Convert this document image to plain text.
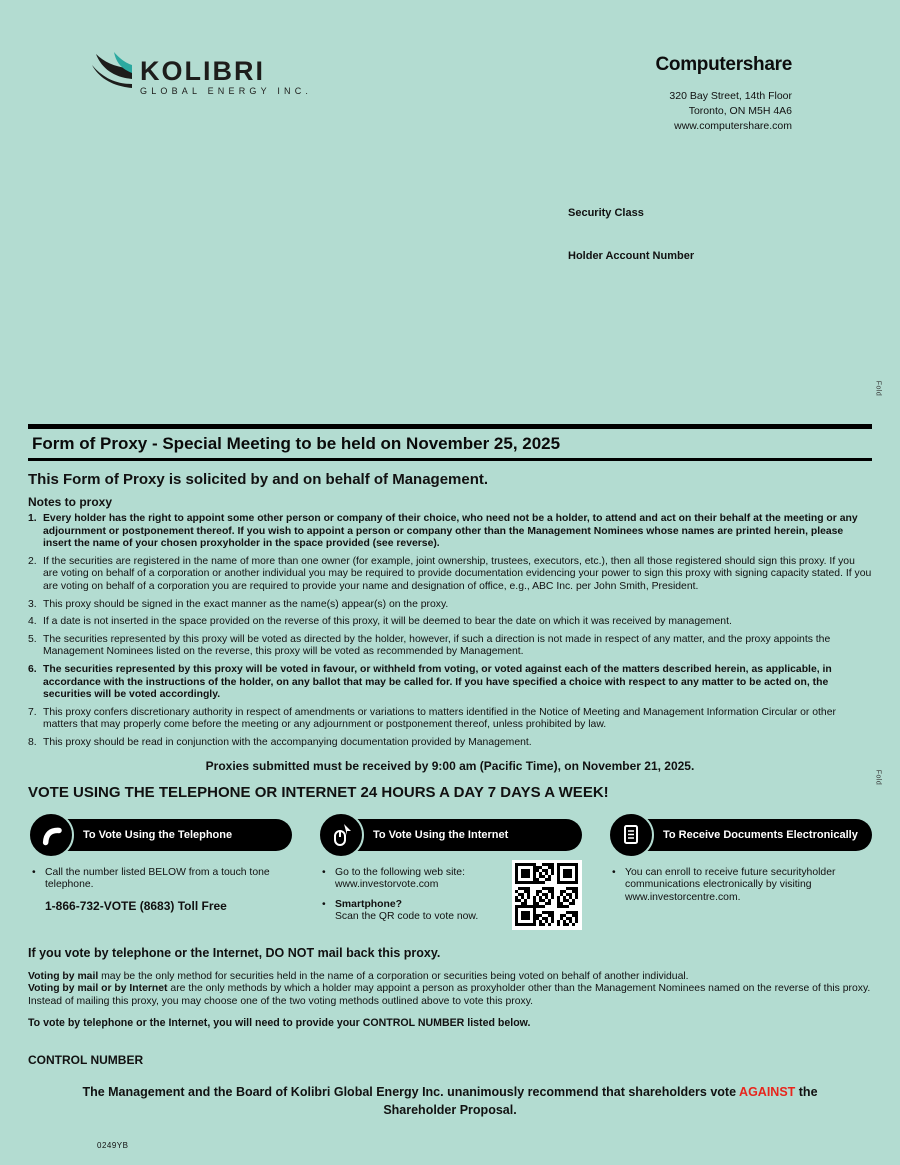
KOLIBRI
GLOBAL ENERGY INC.
Computershare
320 Bay Street, 14th Floor
Toronto, ON M5H 4A6
www.computershare.com
Security Class
Holder Account Number
Fold
Fold
Form of Proxy - Special Meeting to be held on November 25, 2025
This Form of Proxy is solicited by and on behalf of Management.
Notes to proxy
1. Every holder has the right to appoint some other person or company of their choice, who need not be a holder, to attend and act on their behalf at the meeting or any adjournment or postponement thereof. If you wish to appoint a person or company other than the Management Nominees whose names are printed herein, please insert the name of your chosen proxyholder in the space provided (see reverse).
2. If the securities are registered in the name of more than one owner (for example, joint ownership, trustees, executors, etc.), then all those registered should sign this proxy. If you are voting on behalf of a corporation or another individual you may be required to provide documentation evidencing your power to sign this proxy with signing capacity stated. If you are voting on behalf of a corporation you are required to provide your name and designation of office, e.g., ABC Inc. per John Smith, President.
3. This proxy should be signed in the exact manner as the name(s) appear(s) on the proxy.
4. If a date is not inserted in the space provided on the reverse of this proxy, it will be deemed to bear the date on which it was received by management.
5. The securities represented by this proxy will be voted as directed by the holder, however, if such a direction is not made in respect of any matter, and the proxy appoints the Management Nominees listed on the reverse, this proxy will be voted as recommended by Management.
6. The securities represented by this proxy will be voted in favour, or withheld from voting, or voted against each of the matters described herein, as applicable, in accordance with the instructions of the holder, on any ballot that may be called for. If you have specified a choice with respect to any matter to be acted on, the securities will be voted accordingly.
7. This proxy confers discretionary authority in respect of amendments or variations to matters identified in the Notice of Meeting and Management Information Circular or other matters that may properly come before the meeting or any adjournment or postponement thereof, unless prohibited by law.
8. This proxy should be read in conjunction with the accompanying documentation provided by Management.
Proxies submitted must be received by 9:00 am (Pacific Time), on November 21, 2025.
VOTE USING THE TELEPHONE OR INTERNET 24 HOURS A DAY 7 DAYS A WEEK!
To Vote Using the Telephone
• Call the number listed BELOW from a touch tone telephone.
1-866-732-VOTE (8683) Toll Free
To Vote Using the Internet
• Go to the following web site:
www.investorvote.com
• Smartphone?
Scan the QR code to vote now.
To Receive Documents Electronically
• You can enroll to receive future securityholder communications electronically by visiting www.investorcentre.com.
If you vote by telephone or the Internet, DO NOT mail back this proxy.
Voting by mail may be the only method for securities held in the name of a corporation or securities being voted on behalf of another individual.
Voting by mail or by Internet are the only methods by which a holder may appoint a person as proxyholder other than the Management Nominees named on the reverse of this proxy. Instead of mailing this proxy, you may choose one of the two voting methods outlined above to vote this proxy.
To vote by telephone or the Internet, you will need to provide your CONTROL NUMBER listed below.
CONTROL NUMBER
The Management and the Board of Kolibri Global Energy Inc. unanimously recommend that shareholders vote AGAINST the Shareholder Proposal.
0249YB
